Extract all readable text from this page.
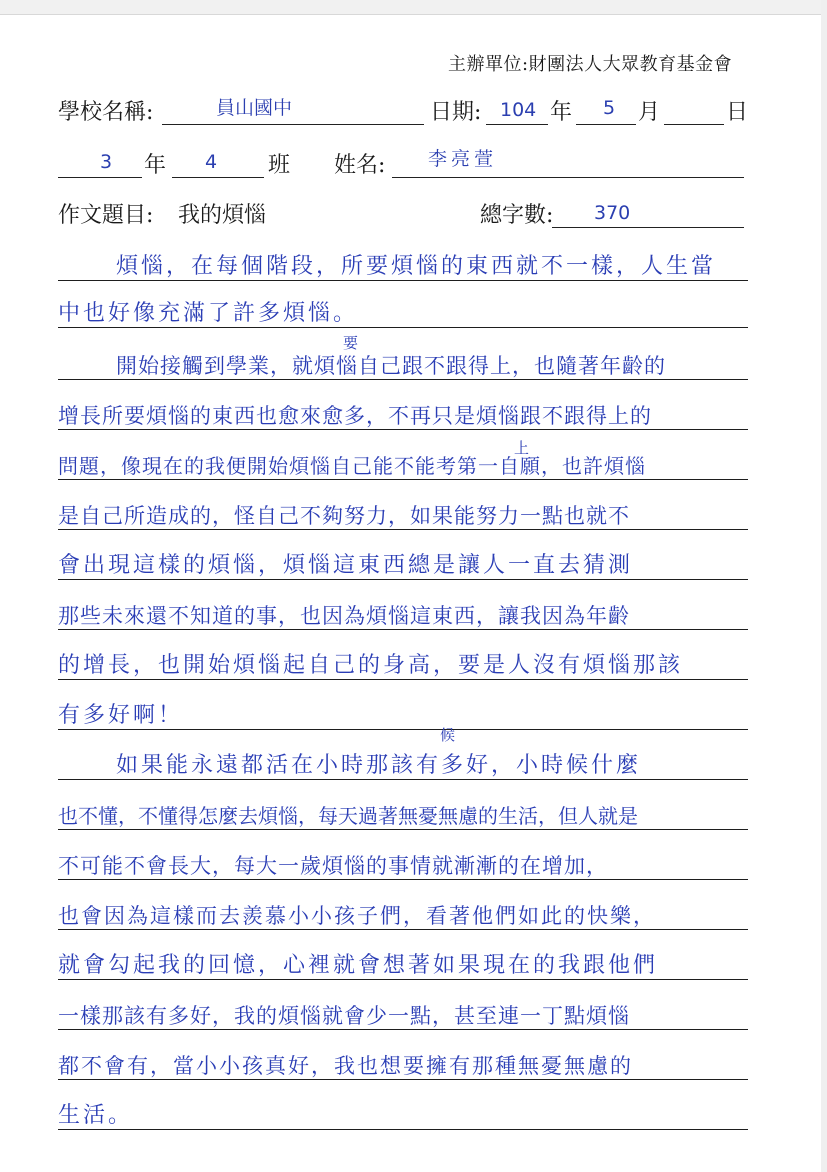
主辦單位:財團法人大眾教育基金會
學校名稱:	員山國中	日期: 104 年 5 月	日
3 年 4 班 姓名: 李亮萱
作文題目: 我的煩惱	總字數: 370
煩惱，在每個階段，所要煩惱的東西就不一樣，人生當
中也好像充滿了許多煩惱。
開始接觸到學業，就煩惱自己跟不跟得上，也隨著年齡的
增長所要煩惱的東西也愈來愈多，不再只是煩惱跟不跟得上的
問題，像現在的我便開始煩惱自己能不能考第一自願，也許煩惱
是自己所造成的，怪自己不夠努力，如果能努力一點也就不
會出現這樣的煩惱，煩惱這東西總是讓人一直去猜測
那些未來還不知道的事，也因為煩惱這東西，讓我因為年齡
的增長，也開始煩惱起自己的身高，要是人沒有煩惱那該
有多好啊！
如果能永遠都活在小時那該有多好，小時候什麼
也不懂，不懂得怎麼去煩惱，每天過著無憂無慮的生活，但人就是
不可能不會長大，每大一歲煩惱的事情就漸漸的在增加，
也會因為這樣而去羨慕小小孩子們，看著他們如此的快樂，
就會勾起我的回憶，心裡就會想著如果現在的我跟他們
一樣那該有多好，我的煩惱就會少一點，甚至連一丁點煩惱
都不會有，當小小孩真好，我也想要擁有那種無憂無慮的
生活。
要
上
候
